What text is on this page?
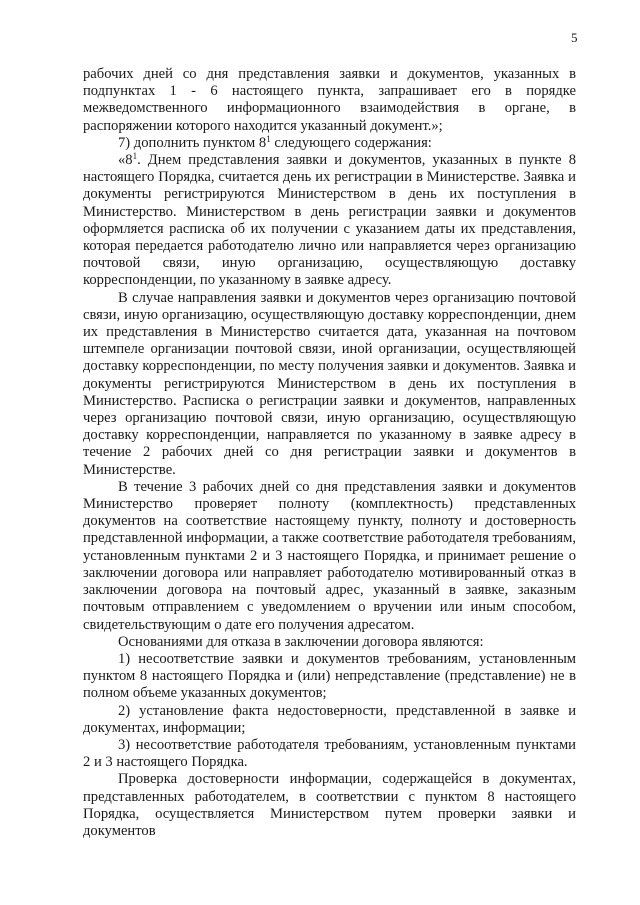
5

рабочих дней со дня представления заявки и документов, указанных в подпунктах 1 - 6 настоящего пункта, запрашивает его в порядке межведомственного информационного взаимодействия в органе, в распоряжении которого находится указанный документ.»;

7) дополнить пунктом $8^1$ следующего содержания:

«$8^1$. Днем представления заявки и документов, указанных в пункте 8 настоящего Порядка, считается день их регистрации в Министерстве. Заявка и документы регистрируются Министерством в день их поступления в Министерство. Министерством в день регистрации заявки и документов оформляется расписка об их получении с указанием даты их представления, которая передается работодателю лично или направляется через организацию почтовой связи, иную организацию, осуществляющую доставку корреспонденции, по указанному в заявке адресу.

В случае направления заявки и документов через организацию почтовой связи, иную организацию, осуществляющую доставку корреспонденции, днем их представления в Министерство считается дата, указанная на почтовом штемпеле организации почтовой связи, иной организации, осуществляющей доставку корреспонденции, по месту получения заявки и документов. Заявка и документы регистрируются Министерством в день их поступления в Министерство. Расписка о регистрации заявки и документов, направленных через организацию почтовой связи, иную организацию, осуществляющую доставку корреспонденции, направляется по указанному в заявке адресу в течение 2 рабочих дней со дня регистрации заявки и документов в Министерстве.

В течение 3 рабочих дней со дня представления заявки и документов Министерство проверяет полноту (комплектность) представленных документов на соответствие настоящему пункту, полноту и достоверность представленной информации, а также соответствие работодателя требованиям, установленным пунктами 2 и 3 настоящего Порядка, и принимает решение о заключении договора или направляет работодателю мотивированный отказ в заключении договора на почтовый адрес, указанный в заявке, заказным почтовым отправлением с уведомлением о вручении или иным способом, свидетельствующим о дате его получения адресатом.

Основаниями для отказа в заключении договора являются:

1) несоответствие заявки и документов требованиям, установленным пунктом 8 настоящего Порядка и (или) непредставление (представление) не в полном объеме указанных документов;

2) установление факта недостоверности, представленной в заявке и документах, информации;

3) несоответствие работодателя требованиям, установленным пунктами 2 и 3 настоящего Порядка.

Проверка достоверности информации, содержащейся в документах, представленных работодателем, в соответствии с пунктом 8 настоящего Порядка, осуществляется Министерством путем проверки заявки и документов
